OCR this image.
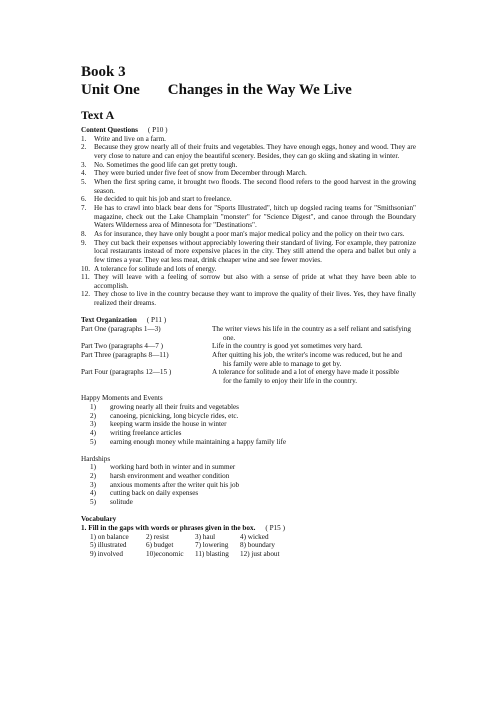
Book 3
Unit One Changes in the Way We Live
Text A
Content Questions ( P10 )
1.	Write and live on a farm.
2.	Because they grow nearly all of their fruits and vegetables. They have enough eggs, honey and wood. They are very close to nature and can enjoy the beautiful scenery. Besides, they can go skiing and skating in winter.
3.	No. Sometimes the good life can get pretty tough.
4.	They were buried under five feet of snow from December through March.
5.	When the first spring came, it brought two floods. The second flood refers to the good harvest in the growing season.
6.	He decided to quit his job and start to freelance.
7.	He has to crawl into black bear dens for "Sports Illustrated", hitch up dogsled racing teams for "Smithsonian" magazine, check out the Lake Champlain "monster" for "Science Digest", and canoe through the Boundary Waters Wilderness area of Minnesota for "Destinations".
8.	As for insurance, they have only bought a poor man's major medical policy and the policy on their two cars.
9.	They cut back their expenses without appreciably lowering their standard of living. For example, they patronize local restaurants instead of more expensive places in the city. They still attend the opera and ballet but only a few times a year. They eat less meat, drink cheaper wine and see fewer movies.
10. A tolerance for solitude and lots of energy.
11. They will leave with a feeling of sorrow but also with a sense of pride at what they have been able to accomplish.
12. They chose to live in the country because they want to improve the quality of their lives. Yes, they have finally realized their dreams.
Text Organization ( P11 )
Part One (paragraphs 1—3)	The writer views his life in the country as a self reliant and satisfying
one.
Part Two (paragraphs 4—7 )	Life in the country is good yet sometimes very hard.
Part Three (paragraphs 8—11)	After quitting his job, the writer's income was reduced, but he and
his family were able to manage to get by.
Part Four (paragraphs 12—15 )	A tolerance for solitude and a lot of energy have made it possible
for the family to enjoy their life in the country.
Happy Moments and Events
1)	growing nearly all their fruits and vegetables
2)	canoeing, picnicking, long bicycle rides, etc.
3)	keeping warm inside the house in winter
4)	writing freelance articles
5)	earning enough money while maintaining a happy family life
Hardships
1)	working hard both in winter and in summer
2)	harsh environment and weather condition
3)	anxious moments after the writer quit his job
4)	cutting back on daily expenses
5)	solitude
Vocabulary
1. Fill in the gaps with words or phrases given in the box. ( P15 )
1) on balance	2) resist	3) haul	4) wicked
5) illustrated	6) budget	7) lowering	8) boundary
9) involved	10)economic	11) blasting	12) just about
